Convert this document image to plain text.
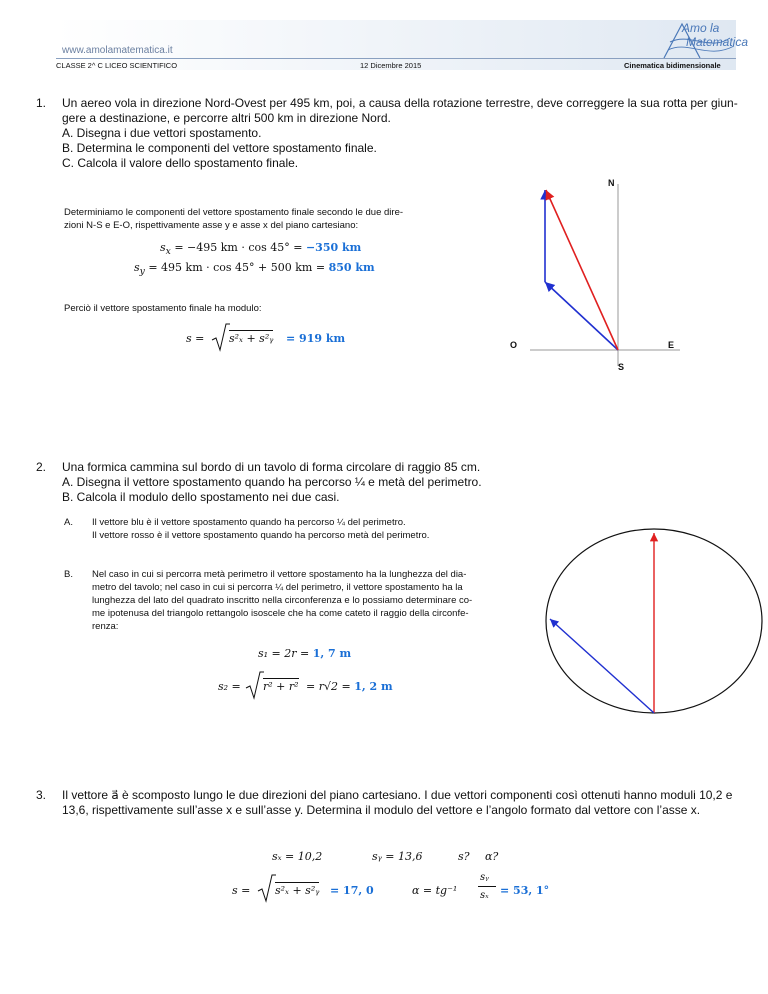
www.amolamatematica.it
Amo la
Matematica
CLASSE 2^ C LICEO SCIENTIFICO	12 Dicembre 2015	Cinematica bidimensionale
1. Un aereo vola in direzione Nord-Ovest per 495 km, poi, a causa della rotazione terrestre, deve correggere la sua rotta per giun-
gere a destinazione, e percorre altri 500 km in direzione Nord.
A. Disegna i due vettori spostamento.
B. Determina le componenti del vettore spostamento finale.
C. Calcola il valore dello spostamento finale.
Determiniamo le componenti del vettore spostamento finale secondo le due dire-
zioni N-S e E-O, rispettivamente asse y e asse x del piano cartesiano:
$s_x = -495$ km · cos 45° = −350 km
$s_y = 495$ km · cos 45° + 500 km = 850 km
Perciò il vettore spostamento finale ha modulo:
s = s²ₓ + s²ᵧ = 919 km
N
S
E
O
2. Una formica cammina sul bordo di un tavolo di forma circolare di raggio 85 cm.
A. Disegna il vettore spostamento quando ha percorso ¼ e metà del perimetro.
B. Calcola il modulo dello spostamento nei due casi.
A. Il vettore blu è il vettore spostamento quando ha percorso ¼ del perimetro.
Il vettore rosso è il vettore spostamento quando ha percorso metà del perimetro.
B. Nel caso in cui si percorra metà perimetro il vettore spostamento ha la lunghezza del dia-
metro del tavolo; nel caso in cui si percorra ¼ del perimetro, il vettore spostamento ha la
lunghezza del lato del quadrato inscritto nella circonferenza e lo possiamo determinare co-
me ipotenusa del triangolo rettangolo isoscele che ha come cateto il raggio della circonfe-
renza:
s₁ = 2r = 1, 7 m
s₂ = r² + r² = r√2 = 1, 2 m
3. Il vettore a⃗ è scomposto lungo le due direzioni del piano cartesiano. I due vettori componenti così ottenuti hanno moduli 10,2 e
13,6, rispettivamente sull’asse x e sull’asse y. Determina il modulo del vettore e l’angolo formato dal vettore con l’asse x.
sₓ = 10,2	sᵧ = 13,6	s? α?
s = s²ₓ + s²ᵧ = 17, 0	α = tg⁻¹
sᵧ
sₓ = 53, 1°
